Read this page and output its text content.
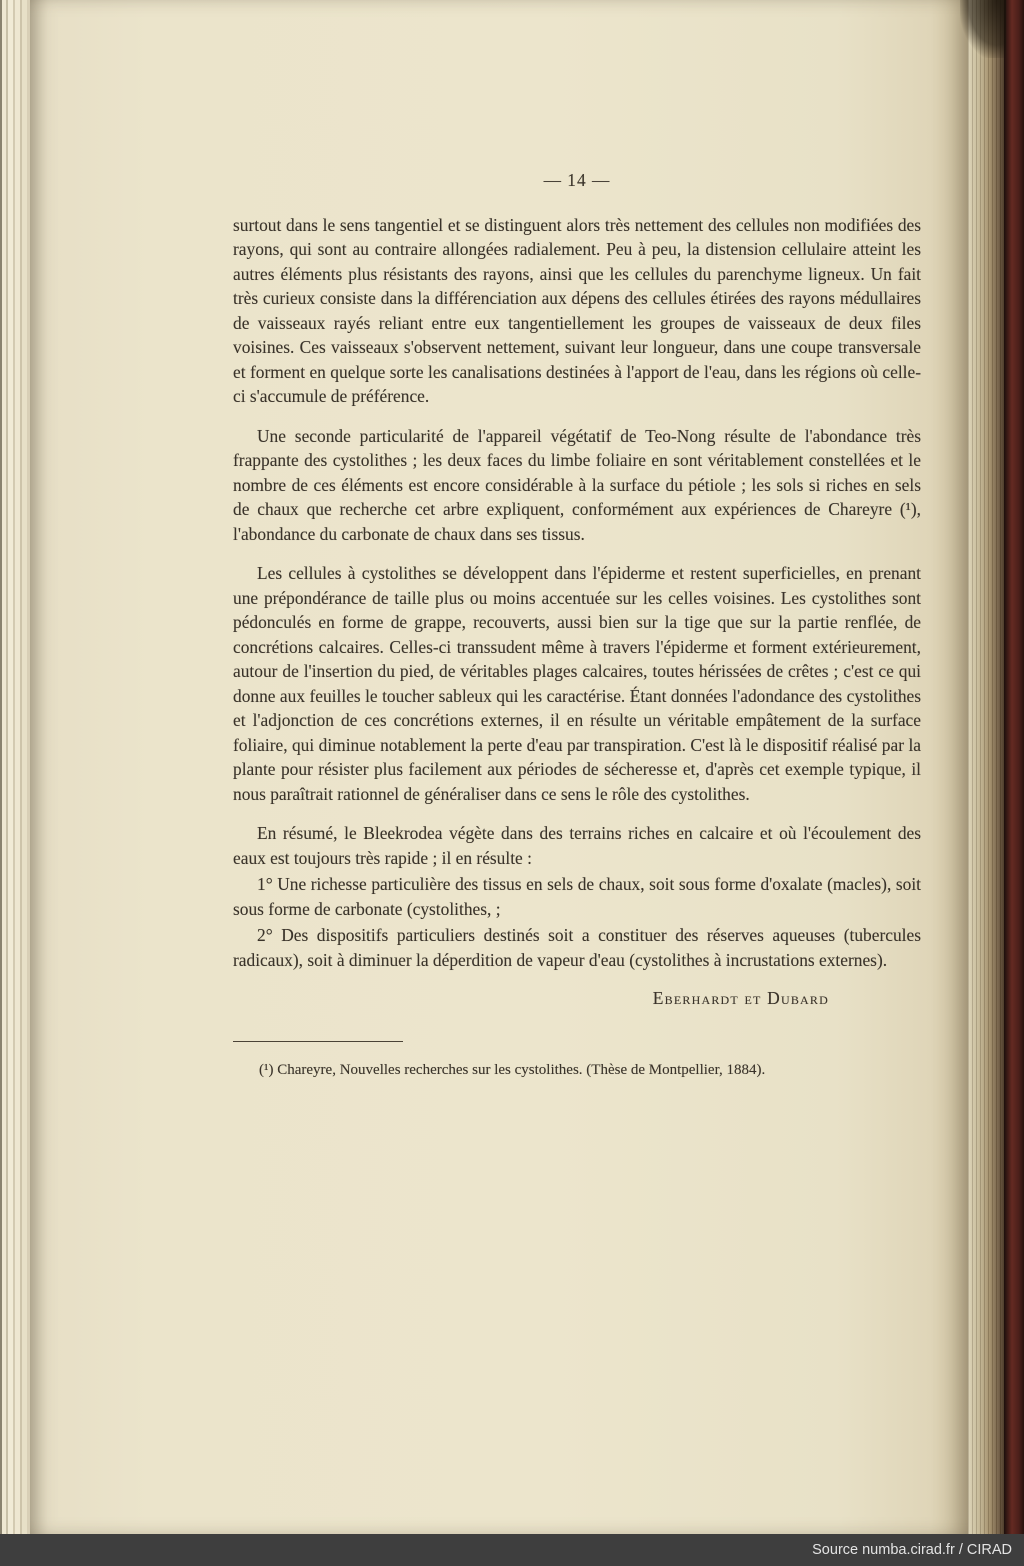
— 14 —

surtout dans le sens tangentiel et se distinguent alors très nettement des cellules non modifiées des rayons, qui sont au contraire allongées radialement. Peu à peu, la distension cellulaire atteint les autres éléments plus résistants des rayons, ainsi que les cellules du parenchyme ligneux. Un fait très curieux consiste dans la différenciation aux dépens des cellules étirées des rayons médullaires de vaisseaux rayés reliant entre eux tangentiellement les groupes de vaisseaux de deux files voisines. Ces vaisseaux s'observent nettement, suivant leur longueur, dans une coupe transversale et forment en quelque sorte les canalisations destinées à l'apport de l'eau, dans les régions où celle-ci s'accumule de préférence.

Une seconde particularité de l'appareil végétatif de Teo-Nong résulte de l'abondance très frappante des cystolithes ; les deux faces du limbe foliaire en sont véritablement constellées et le nombre de ces éléments est encore considérable à la surface du pétiole ; les sols si riches en sels de chaux que recherche cet arbre expliquent, conformément aux expériences de Chareyre (¹), l'abondance du carbonate de chaux dans ses tissus.

Les cellules à cystolithes se développent dans l'épiderme et restent superficielles, en prenant une prépondérance de taille plus ou moins accentuée sur les celles voisines. Les cystolithes sont pédonculés en forme de grappe, recouverts, aussi bien sur la tige que sur la partie renflée, de concrétions calcaires. Celles-ci transsudent même à travers l'épiderme et forment extérieurement, autour de l'insertion du pied, de véritables plages calcaires, toutes hérissées de crêtes ; c'est ce qui donne aux feuilles le toucher sableux qui les caractérise. Étant données l'adondance des cystolithes et l'adjonction de ces concrétions externes, il en résulte un véritable empâtement de la surface foliaire, qui diminue notablement la perte d'eau par transpiration. C'est là le dispositif réalisé par la plante pour résister plus facilement aux périodes de sécheresse et, d'après cet exemple typique, il nous paraîtrait rationnel de généraliser dans ce sens le rôle des cystolithes.

En résumé, le Bleekrodea végète dans des terrains riches en calcaire et où l'écoulement des eaux est toujours très rapide ; il en résulte :

1° Une richesse particulière des tissus en sels de chaux, soit sous forme d'oxalate (macles), soit sous forme de carbonate (cystolithes, ;

2° Des dispositifs particuliers destinés soit a constituer des réserves aqueuses (tubercules radicaux), soit à diminuer la déperdition de vapeur d'eau (cystolithes à incrustations externes).

Eberhardt et Dubard
(¹) Chareyre, Nouvelles recherches sur les cystolithes. (Thèse de Montpellier, 1884).
Source numba.cirad.fr / CIRAD
